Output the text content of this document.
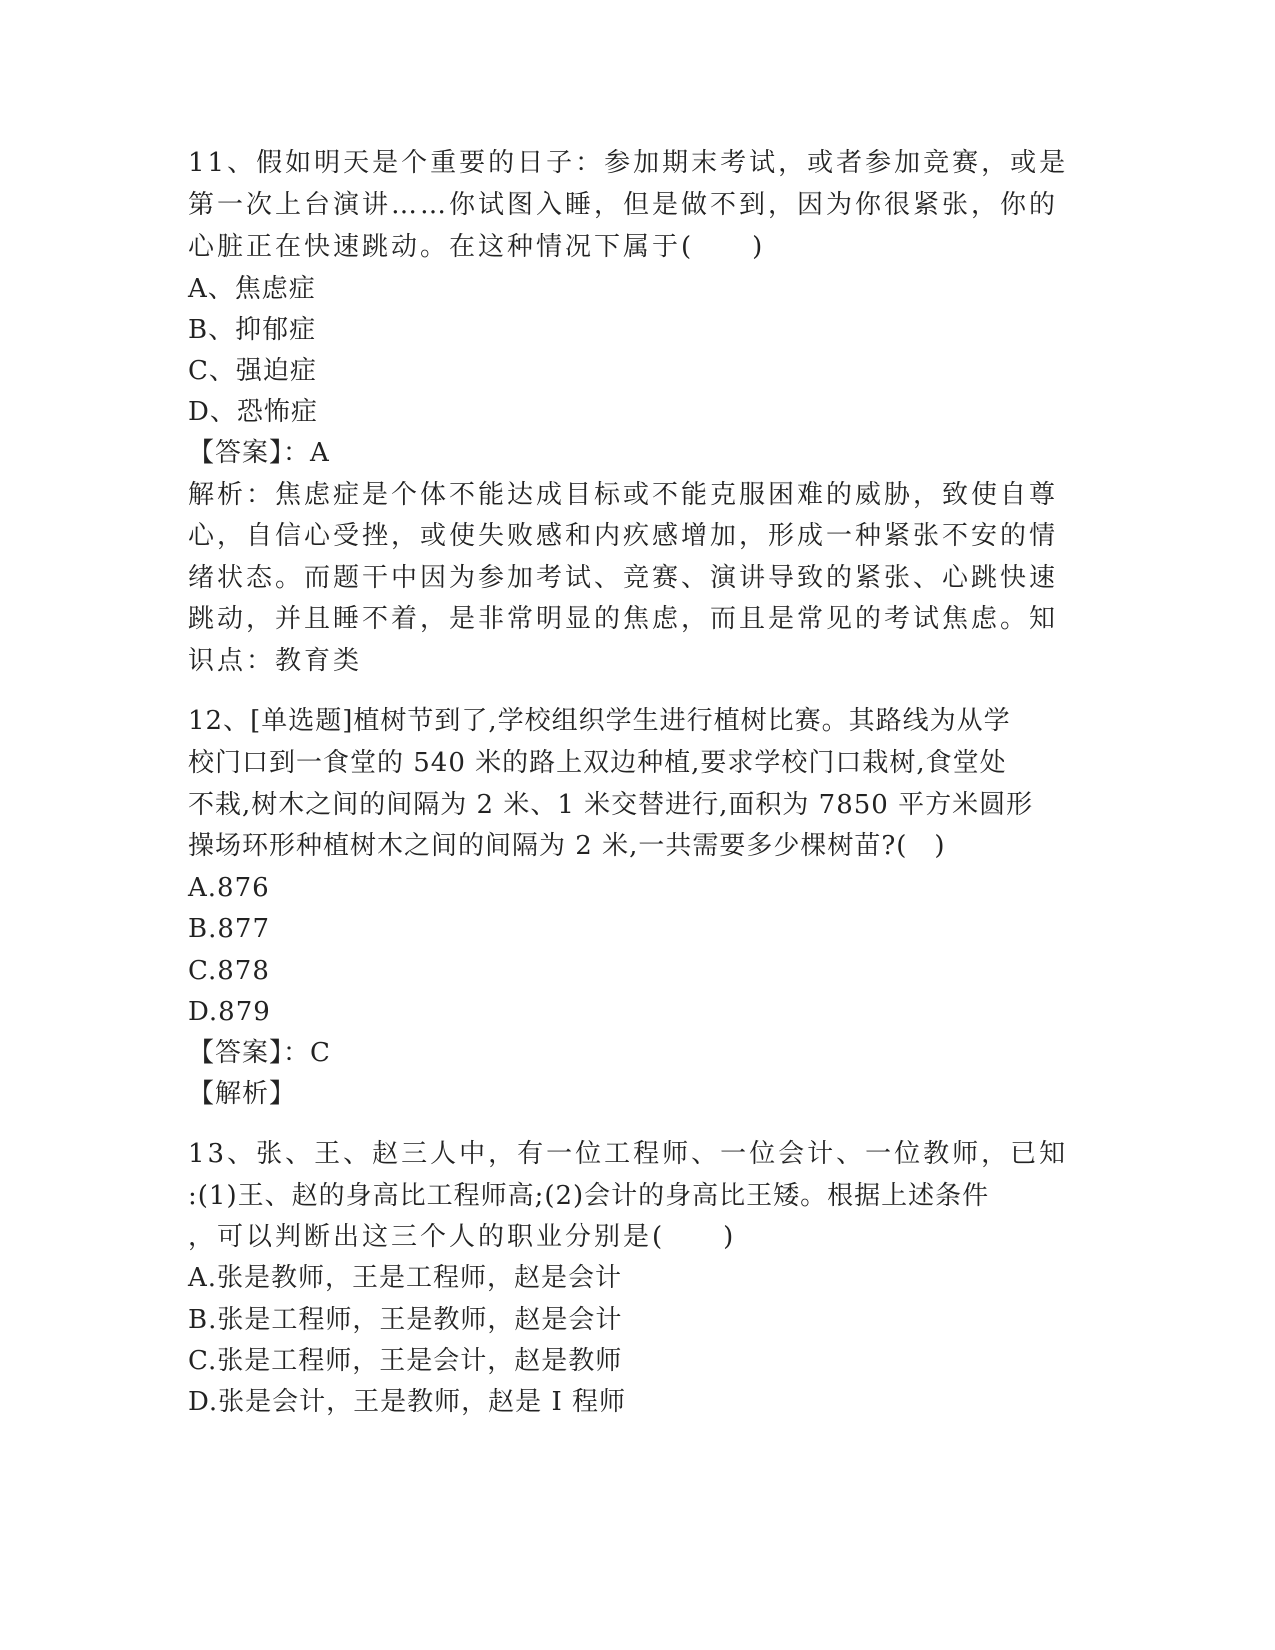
11、假如明天是个重要的日子：参加期末考试，或者参加竞赛，或是
第一次上台演讲……你试图入睡，但是做不到，因为你很紧张，你的
心脏正在快速跳动。在这种情况下属于(　　)
A、焦虑症
B、抑郁症
C、强迫症
D、恐怖症
【答案】：A
解析：焦虑症是个体不能达成目标或不能克服困难的威胁，致使自尊
心，自信心受挫，或使失败感和内疚感增加，形成一种紧张不安的情
绪状态。而题干中因为参加考试、竞赛、演讲导致的紧张、心跳快速
跳动，并且睡不着，是非常明显的焦虑，而且是常见的考试焦虑。知
识点：教育类
12、[单选题]植树节到了,学校组织学生进行植树比赛。其路线为从学
校门口到一食堂的 540 米的路上双边种植,要求学校门口栽树,食堂处
不栽,树木之间的间隔为 2 米、1 米交替进行,面积为 7850 平方米圆形
操场环形种植树木之间的间隔为 2 米,一共需要多少棵树苗?(　)
A.876
B.877
C.878
D.879
【答案】：C
【解析】
13、张、王、赵三人中，有一位工程师、一位会计、一位教师，已知
:(1)王、赵的身高比工程师高;(2)会计的身高比王矮。根据上述条件
，可以判断出这三个人的职业分别是(　　)
A.张是教师，王是工程师，赵是会计
B.张是工程师，王是教师，赵是会计
C.张是工程师，王是会计，赵是教师
D.张是会计，王是教师，赵是 I 程师
